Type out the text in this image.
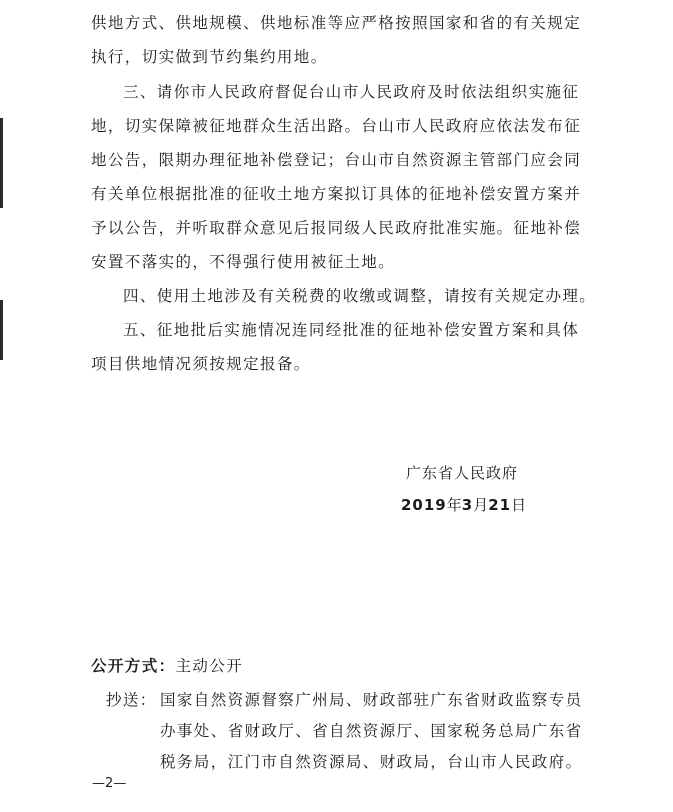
供地方式、供地规模、供地标准等应严格按照国家和省的有关规定
执行，切实做到节约集约用地。
三、请你市人民政府督促台山市人民政府及时依法组织实施征
地，切实保障被征地群众生活出路。台山市人民政府应依法发布征
地公告，限期办理征地补偿登记；台山市自然资源主管部门应会同
有关单位根据批准的征收土地方案拟订具体的征地补偿安置方案并
予以公告，并听取群众意见后报同级人民政府批准实施。征地补偿
安置不落实的，不得强行使用被征土地。
四、使用土地涉及有关税费的收缴或调整，请按有关规定办理。
五、征地批后实施情况连同经批准的征地补偿安置方案和具体
项目供地情况须按规定报备。
广东省人民政府
2019年3月21日
公开方式：主动公开
抄送： 国家自然资源督察广州局、财政部驻广东省财政监察专员
办事处、省财政厅、省自然资源厅、国家税务总局广东省
税务局，江门市自然资源局、财政局，台山市人民政府。
—2—
